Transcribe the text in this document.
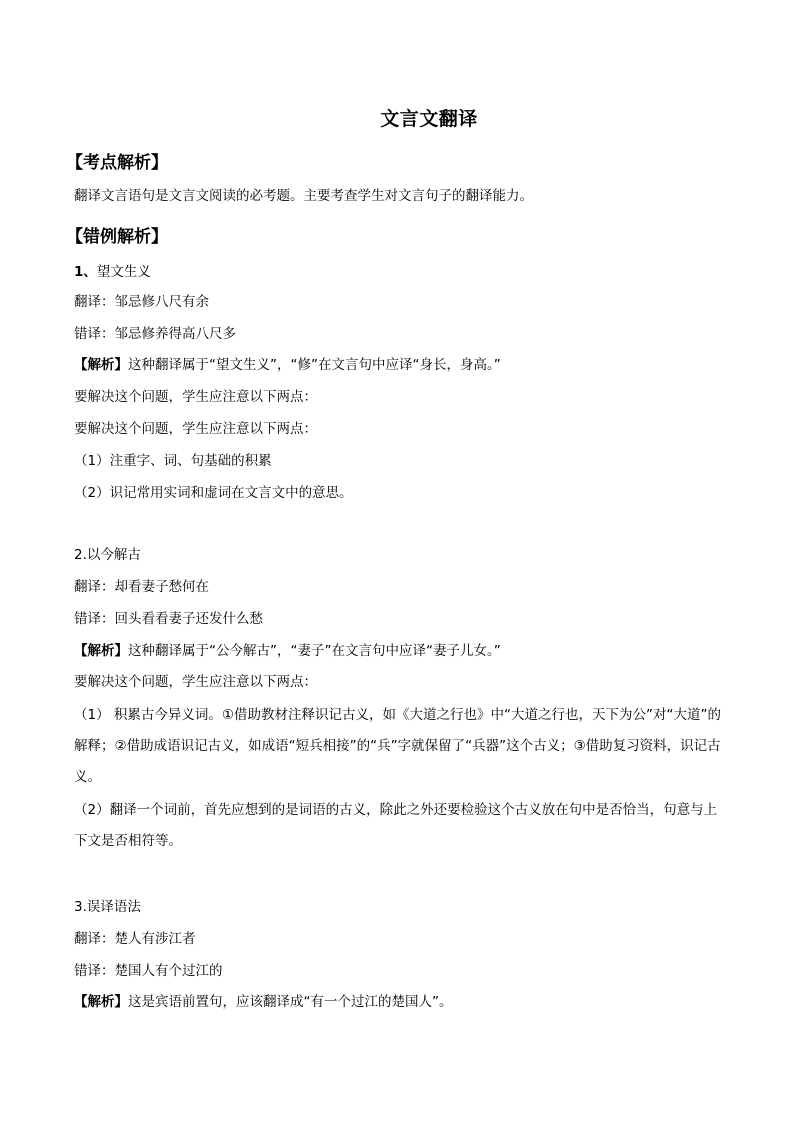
文言文翻译
【考点解析】
翻译文言语句是文言文阅读的必考题。主要考查学生对文言句子的翻译能力。
【错例解析】
1、望文生义
翻译：邹忌修八尺有余
错译：邹忌修养得高八尺多
【解析】这种翻译属于“望文生义”，“修”在文言句中应译“身长，身高。”
要解决这个问题，学生应注意以下两点：
要解决这个问题，学生应注意以下两点：
（1）注重字、词、句基础的积累
（2）识记常用实词和虚词在文言文中的意思。
2.以今解古
翻译：却看妻子愁何在
错译：回头看看妻子还发什么愁
【解析】这种翻译属于“公今解古”，“妻子”在文言句中应译“妻子儿女。”
要解决这个问题，学生应注意以下两点：
（1） 积累古今异义词。①借助教材注释识记古义，如《大道之行也》中“大道之行也，天下为公”对“大道”的解释；②借助成语识记古义，如成语“短兵相接”的“兵”字就保留了“兵器”这个古义；③借助复习资料，识记古义。
（2）翻译一个词前，首先应想到的是词语的古义，除此之外还要检验这个古义放在句中是否恰当，句意与上下文是否相符等。
3.误译语法
翻译：楚人有涉江者
错译：楚国人有个过江的
【解析】这是宾语前置句，应该翻译成“有一个过江的楚国人”。
